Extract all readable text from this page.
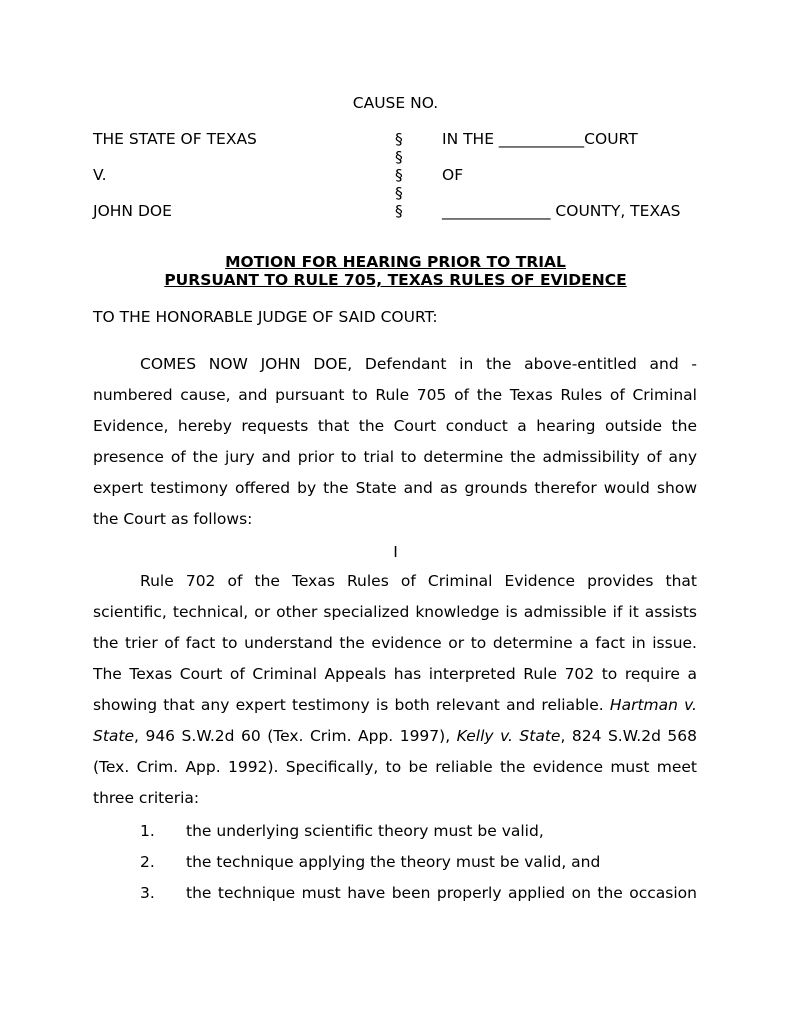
CAUSE NO.
THE STATE OF TEXAS
V.
JOHN DOE
§
§
§
§
§
IN THE ___________COURT
OF
______________ COUNTY, TEXAS
MOTION FOR HEARING PRIOR TO TRIAL
PURSUANT TO RULE 705, TEXAS RULES OF EVIDENCE
TO THE HONORABLE JUDGE OF SAID COURT:

COMES NOW JOHN DOE, Defendant in the above-entitled and -numbered cause, and pursuant to Rule 705 of the Texas Rules of Criminal Evidence, hereby requests that the Court conduct a hearing outside the presence of the jury and prior to trial to determine the admissibility of any expert testimony offered by the State and as grounds therefor would show the Court as follows:

I

Rule 702 of the Texas Rules of Criminal Evidence provides that scientific, technical, or other specialized knowledge is admissible if it assists the trier of fact to understand the evidence or to determine a fact in issue. The Texas Court of Criminal Appeals has interpreted Rule 702 to require a showing that any expert testimony is both relevant and reliable. Hartman v. State, 946 S.W.2d 60 (Tex. Crim. App. 1997), Kelly v. State, 824 S.W.2d 568 (Tex. Crim. App. 1992). Specifically, to be reliable the evidence must meet three criteria:

1. the underlying scientific theory must be valid,
2. the technique applying the theory must be valid, and
3. the technique must have been properly applied on the occasion
